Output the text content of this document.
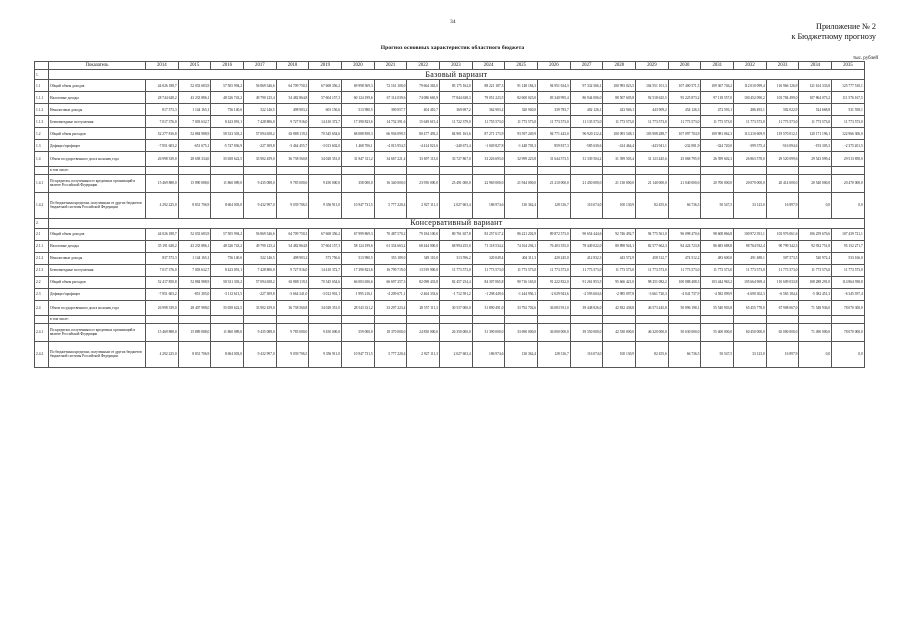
34	Приложение № 2
к Бюджетному прогнозу
Прогноз основных характеристик областного бюджета
тыс. рублей
	Показатель	2014	2015	2016	2017	2018	2019	2020	2021	2022	2023	2024	2025	2026	2027	2028	2029	2030	2031	2032	2033	2034	2035
1.	Базовый вариант																						
1.1	Общий объем доходов	44 026 188,7	52 033 683,9	57 505 994,2	56 869 346,6	64 709 750,3	67 668 356,2	69 998 569,3	72 161 100,0	79 664 363,0	85 175 162,0	88 221 187,3	91 148 184,3	94 951 634,3	97 332 566,1	100 993 023,5	104 551 101,3	107 400 571,5	109 367 746,2	112 010 099,4	116 966 126,9	121 614 333,8	125 777 510,1
1.1.1	Налоговые доходы	28 744 628,2	43 233 886,1	48 326 743,2	49 790 125,4	54 482 864,8	57 604 157,3	60 124 199,6	67 114 039,6	74 086 665,9	77 844 638,3	79 051 223,5	82 600 023,0	83 340 995,4	86 944 006,0	88 507 605,8	92 518 625,5	95 225 873,2	97 118 557,0	100 452 090,2	103 784 499,0	107 864 073,2	111 576 167,5
1.1.2	Неналоговые доходы	817 573,3	1 144 165,1	756 140,6	522 146,5	498 903,2	603 156,6	513 980,5	390 057,7	404 410,7	369 697,2	362 903,2	320 940,0	339 783,7	402 126,1	423 946,1	443 909,2	454 126,3	472 593,1	486 493,1	502 022,9	524 668,8	531 558,1
1.1.3	Безвозмездные поступления	7 017 376,0	7 003 632,7	8 423 091,1	7 428 806,0	9 727 916,0	14 410 372,7	17 390 823,6	14 732 391,6	15 649 615,4	11 722 379,0	11 755 573,0	11 773 573,0	11 773 573,0	11 135 573,0	11 773 573,0	11 773 573,0	11 773 573,0	11 773 573,0	11 773 573,0	11 773 573,0	11 773 573,0	11 773 573,0
1.2	Общий объем расходов	52 277 816,8	52 884 988,9	58 333 303,2	57 094 658,2	63 888 119,3	70 345 654,6	68 088 858,3	66 936 099,5	80 477 493,2	84 901 163,6	87 271 173,9	93 597 249,9	94 771 443,0	96 920 112,4	100 093 548,1	103 908 288,7	107 097 704,9	109 981 062,3	113 210 609,9	119 570 012,1	120 171 196,1	122 966 306,0
1.3	Дефицит/профицит	-7 851 603,2	-651 675,1	-5 747 836,9	-227 309,8	-3 464 455,7	-3 013 602,0	1 468 706,1	-4 013 954,5	-4 414 021,6	-240 673,4	-1 049 827,8	-1 448 703,3	859 817,3	-585 630,6	-414 464,4	-443 941,1	-232 081,9	-324 720,0	-399 375,4	-516 094,6	-193 305,3	-2 375 201,5
1.4	Объем государственного долга на конец года	26 998 339,0	28 658 334,0	35 658 622,5	33 902 459,0	36 738 560,8	34 028 351,0	31 847 311,2	34 667 221,4	33 697 113,0	33 727 867,0	33 226 693,0	32 999 223,8	31 644 573,5	31 339 504,2	31 399 503,4	31 123 445,6	25 068 795,9	26 399 602,3	26 863 578,0	29 520 099,6	29 543 099,4	29 513 858,0
	в том числе:																						
1.4.1	По кредитам, полученным от кредитных организаций в валюте Российской Федерации	15 469 888,0	15 890 088,0	11 860 089,0	9 435 088,0	9 785 000,0	9 450 000,0	358 000,0	16 340 000,0	23 950 000,0	23 491 000,0	22 969 000,0	21 944 000,0	21 210 000,0	21 450 000,0	21 130 000,0	21 140 000,0	21 040 000,0	20 700 000,0	20 070 000,0	20 414 000,0	20 540 000,0	20 470 000,0
1.4.2	По бюджетным кредитам, полученным от других бюджетов бюджетной системы Российской Федерации	4 292 225,0	8 831 706,9	8 604 003,0	9 432 997,0	9 039 706,5	9 356 911,0	10 947 731,5	5 777 220,4	2 927 111,3	2 027 603,4	186 974,6	130 362,4	128 316,7	116 074,0	100 130,9	82 455,6	66 736,5	50 547,5	33 123,0	16 897,9	0,0	0,0
2.	Консервативный вариант																						
2.1	Общий объем доходов	44 026 188,7	52 033 683,9	57 505 994,2	56 869 346,6	64 709 750,3	67 668 356,2	67 999 869,3	70 487 570,2	79 184 100,0	80 761 657,8	83 257 617,2	86 221 202,9	89 872 573,0	90 654 444,6	92 746 492,7	94 775 561,0	96 098 470,6	98 608 866,8	100 972 391,1	103 976 061,6	106 259 676,6	107 439 721,1
2.1.1	Налоговые доходы	35 191 628,2	43 233 886,1	48 326 743,2	49 790 125,4	54 482 864,8	57 604 157,3	58 124 199,6	61 334 663,2	68 444 000,0	68 994 255,0	71 118 534,2	74 164 294,1	76 403 355,0	78 449 022,0	80 898 924,1	82 577 662,3	84 424 723,8	86 683 688,8	88 764 932,4	90 799 342,3	92 932 751,8	95 152 271,7
2.1.2	Неналоговые доходы	837 573,3	1 144 165,1	756 140,6	522 146,5	498 903,2	573 756,6	513 980,5	353 189,0	349 110,0	313 596,2	320 049,4	404 311,3	420 245,0	412 832,3	443 572,9	458 312,7	474 512,2	483 600,0	491 488,1	507 573,5	520 972,4	533 166,0
2.1.3	Безвозмездные поступления	7 017 376,0	7 003 632,7	8 423 091,1	7 428 806,0	9 727 916,0	14 410 372,7	17 390 823,6	16 799 719,0	13 919 900,0	11 773 573,0	11 773 573,0	11 773 573,0	11 773 573,0	11 773 573,0	11 773 573,0	11 773 573,0	11 773 573,0	11 773 573,0	11 773 573,0	11 773 573,0	11 773 573,0	11 773 573,0
2.2	Общий объем расходов	52 417 850,8	52 884 988,9	58 331 303,2	57 094 658,2	63 888 119,3	70 345 654,6	66 003 656,6	66 697 257,3	82 098 433,8	82 457 254,4	84 307 065,8	90 716 165,0	91 222 832,0	91 261 853,5	95 666 421,0	98 251 082,2	100 088 408,3	103 444 963,2	105 664 969,4	110 609 033,8	108 288 291,0	114 864 938,8
2.3	Дефицит/профицит	-7 851 603,2	-851 305,0	-3 112 613,5	-227 309,8	-3 664 341,0	-3 012 901,1	1 995 216,1	-4 209 671,1	-2 464 333,6	-1 712 591,2	-1 298 449,6	-1 444 956,1	-2 029 943,6	-2 593 604,6	-2 985 097,8	-3 661 720,3	-4 041 737,9	-4 582 099,9	-4 690 302,3	-6 565 184,4	-5 382 451,3	-6 345 397,4
2.4	Объем государственного долга на конец года	26 998 339,0	28 407 988,0	35 658 622,5	33 902 459,0	36 738 560,8	34 028 351,0	28 543 331,2	33 297 223,4	28 557 111,3	30 537 000,0	31 890 491,0	33 792 702,6	36 083 931,0	39 448 826,0	42 832 438,8	46 573 445,8	50 896 198,1	55 540 903,8	65 455 778,0	67 908 067,0	71 548 936,0	78 070 300,0
	в том числе:																						
2.4.1	По кредитам, полученным от кредитных организаций в валюте Российской Федерации	15 469 888,0	15 889 088,0	11 860 089,0	9 435 088,0	9 785 000,0	9 450 000,0	559 000,0	18 370 000,0	24 830 000,0	26 350 000,0	31 390 000,0	33 690 000,0	36 000 000,0	39 350 000,0	42 530 000,0	46 320 000,0	50 630 000,0	55 400 000,0	60 450 000,0	65 000 000,0	71 490 000,0	78 070 000,0
2.4.2	По бюджетным кредитам, полученным от других бюджетов бюджетной системы Российской Федерации	4 292 225,0	8 831 706,9	8 604 003,0	9 432 997,0	9 039 706,5	9 356 911,0	10 947 731,5	5 777 220,4	2 927 111,3	2 027 603,4	186 974,6	130 362,4	128 316,7	116 074,0	100 130,9	82 455,6	66 736,5	50 547,5	33 123,0	16 897,9	0,0	0,0
